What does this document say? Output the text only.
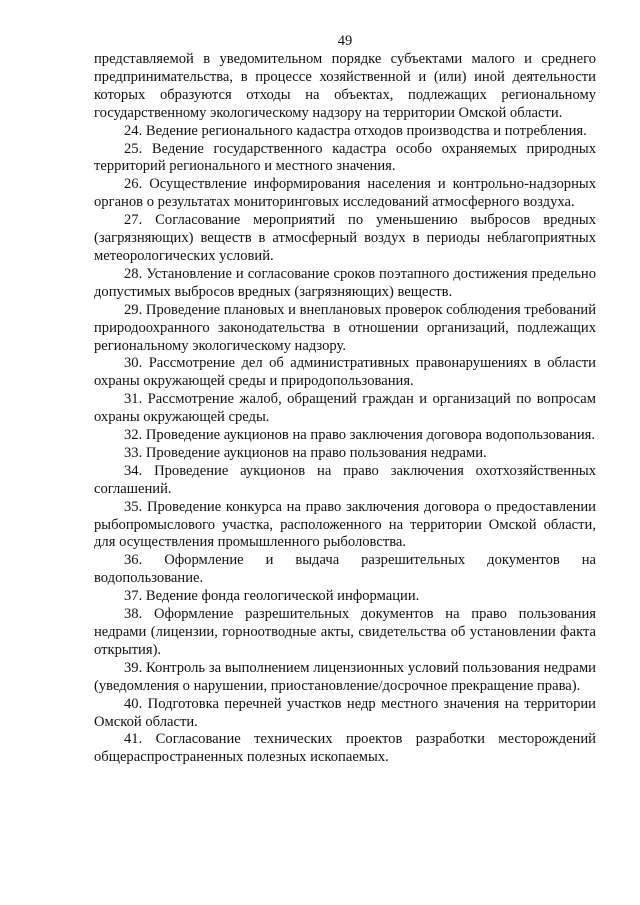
49

представляемой в уведомительном порядке субъектами малого и среднего предпринимательства, в процессе хозяйственной и (или) иной деятельности которых образуются отходы на объектах, подлежащих региональному государственному экологическому надзору на территории Омской области.

24. Ведение регионального кадастра отходов производства и потребления.

25. Ведение государственного кадастра особо охраняемых природных территорий регионального и местного значения.

26. Осуществление информирования населения и контрольно-надзорных органов о результатах мониторинговых исследований атмосферного воздуха.

27. Согласование мероприятий по уменьшению выбросов вредных (загрязняющих) веществ в атмосферный воздух в периоды неблагоприятных метеорологических условий.

28. Установление и согласование сроков поэтапного достижения предельно допустимых выбросов вредных (загрязняющих) веществ.

29. Проведение плановых и внеплановых проверок соблюдения требований природоохранного законодательства в отношении организаций, подлежащих региональному экологическому надзору.

30. Рассмотрение дел об административных правонарушениях в области охраны окружающей среды и природопользования.

31. Рассмотрение жалоб, обращений граждан и организаций по вопросам охраны окружающей среды.

32. Проведение аукционов на право заключения договора водопользования.

33. Проведение аукционов на право пользования недрами.

34. Проведение аукционов на право заключения охотхозяйственных соглашений.

35. Проведение конкурса на право заключения договора о предоставлении рыбопромыслового участка, расположенного на территории Омской области, для осуществления промышленного рыболовства.

36. Оформление и выдача разрешительных документов на водопользование.

37. Ведение фонда геологической информации.

38. Оформление разрешительных документов на право пользования недрами (лицензии, горноотводные акты, свидетельства об установлении факта открытия).

39. Контроль за выполнением лицензионных условий пользования недрами (уведомления о нарушении, приостановление/досрочное прекращение права).

40. Подготовка перечней участков недр местного значения на территории Омской области.

41. Согласование технических проектов разработки месторождений общераспространенных полезных ископаемых.
